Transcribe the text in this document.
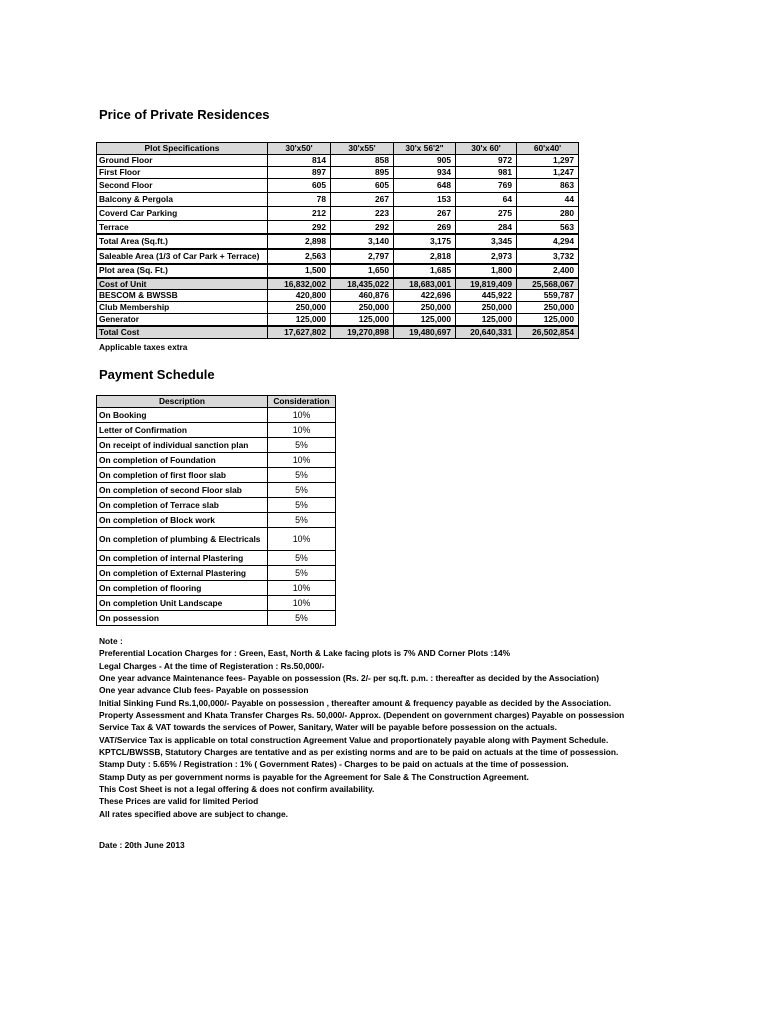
Price of Private Residences
Plot Specifications	30'x50'	30'x55'	30'x 56'2"	30'x 60'	60'x40'
Ground Floor	814	858	905	972	1,297
First Floor	897	895	934	981	1,247
Second Floor	605	605	648	769	863
Balcony & Pergola	78	267	153	64	44
Coverd Car Parking	212	223	267	275	280
Terrace	292	292	269	284	563
Total Area (Sq.ft.)	2,898	3,140	3,175	3,345	4,294
Saleable Area (1/3 of Car Park + Terrace)	2,563	2,797	2,818	2,973	3,732
Plot area (Sq. Ft.)	1,500	1,650	1,685	1,800	2,400
Cost of Unit	16,832,002	18,435,022	18,683,001	19,819,409	25,568,067
BESCOM & BWSSB	420,800	460,876	422,696	445,922	559,787
Club Membership	250,000	250,000	250,000	250,000	250,000
Generator	125,000	125,000	125,000	125,000	125,000
Total Cost	17,627,802	19,270,898	19,480,697	20,640,331	26,502,854
Applicable taxes extra
Payment Schedule
Description	Consideration
On Booking	10%
Letter of Confirmation	10%
On receipt of individual sanction plan	5%
On completion of Foundation	10%
On completion of first floor slab	5%
On completion of second Floor slab	5%
On completion of Terrace slab	5%
On completion of Block work	5%
On completion of plumbing & Electricals	10%
On completion of internal Plastering	5%
On completion of External Plastering	5%
On completion of flooring	10%
On completion Unit Landscape	10%
On possession	5%
Note :
Preferential Location Charges for : Green, East, North & Lake facing plots is 7% AND Corner Plots :14%
Legal Charges - At the time of Registeration : Rs.50,000/-
One year advance Maintenance fees- Payable on possession (Rs. 2/- per sq.ft. p.m. : thereafter as decided by the Association)
One year advance Club fees- Payable on possession
Initial Sinking Fund Rs.1,00,000/- Payable on possession , thereafter amount & frequency payable as decided by the Association.
Property Assessment and Khata Transfer Charges Rs. 50,000/- Approx. (Dependent on government charges) Payable on possession
Service Tax & VAT towards the services of Power, Sanitary, Water will be payable before possession on the actuals.
VAT/Service Tax is applicable on total construction Agreement Value and proportionately payable along with Payment Schedule.
KPTCL/BWSSB, Statutory Charges are tentative and as per existing norms and are to be paid on actuals at the time of possession.
Stamp Duty : 5.65% / Registration : 1% ( Government Rates) - Charges to be paid on actuals at the time of possession.
Stamp Duty as per government norms is payable for the Agreement for Sale & The Construction Agreement.
This Cost Sheet is not a legal offering & does not confirm availability.
These Prices are valid for limited Period
All rates specified above are subject to change.
Date : 20th June 2013
